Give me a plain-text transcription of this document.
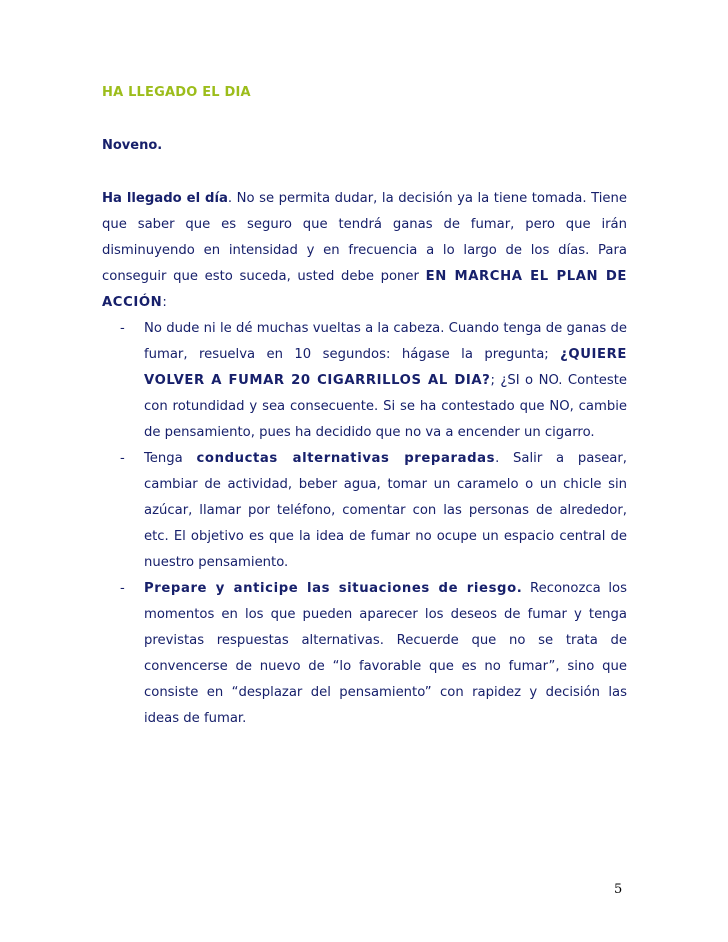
HA LLEGADO EL DIA
Noveno.

Ha llegado el día. No se permita dudar, la decisión ya la tiene tomada. Tiene que saber que es seguro que tendrá ganas de fumar, pero que irán disminuyendo en intensidad y en frecuencia a lo largo de los días. Para conseguir que esto suceda, usted debe poner EN MARCHA EL PLAN DE ACCIÓN:

- No dude ni le dé muchas vueltas a la cabeza. Cuando tenga de ganas de fumar, resuelva en 10 segundos: hágase la pregunta; ¿QUIERE VOLVER A FUMAR 20 CIGARRILLOS AL DIA?; ¿SI o NO. Conteste con rotundidad y sea consecuente. Si se ha contestado que NO, cambie de pensamiento, pues ha decidido que no va a encender un cigarro.
- Tenga conductas alternativas preparadas. Salir a pasear, cambiar de actividad, beber agua, tomar un caramelo o un chicle sin azúcar, llamar por teléfono, comentar con las personas de alrededor, etc. El objetivo es que la idea de fumar no ocupe un espacio central de nuestro pensamiento.
- Prepare y anticipe las situaciones de riesgo. Reconozca los momentos en los que pueden aparecer los deseos de fumar y tenga previstas respuestas alternativas. Recuerde que no se trata de convencerse de nuevo de “lo favorable que es no fumar”, sino que consiste en “desplazar del pensamiento” con rapidez y decisión las ideas de fumar.
5
